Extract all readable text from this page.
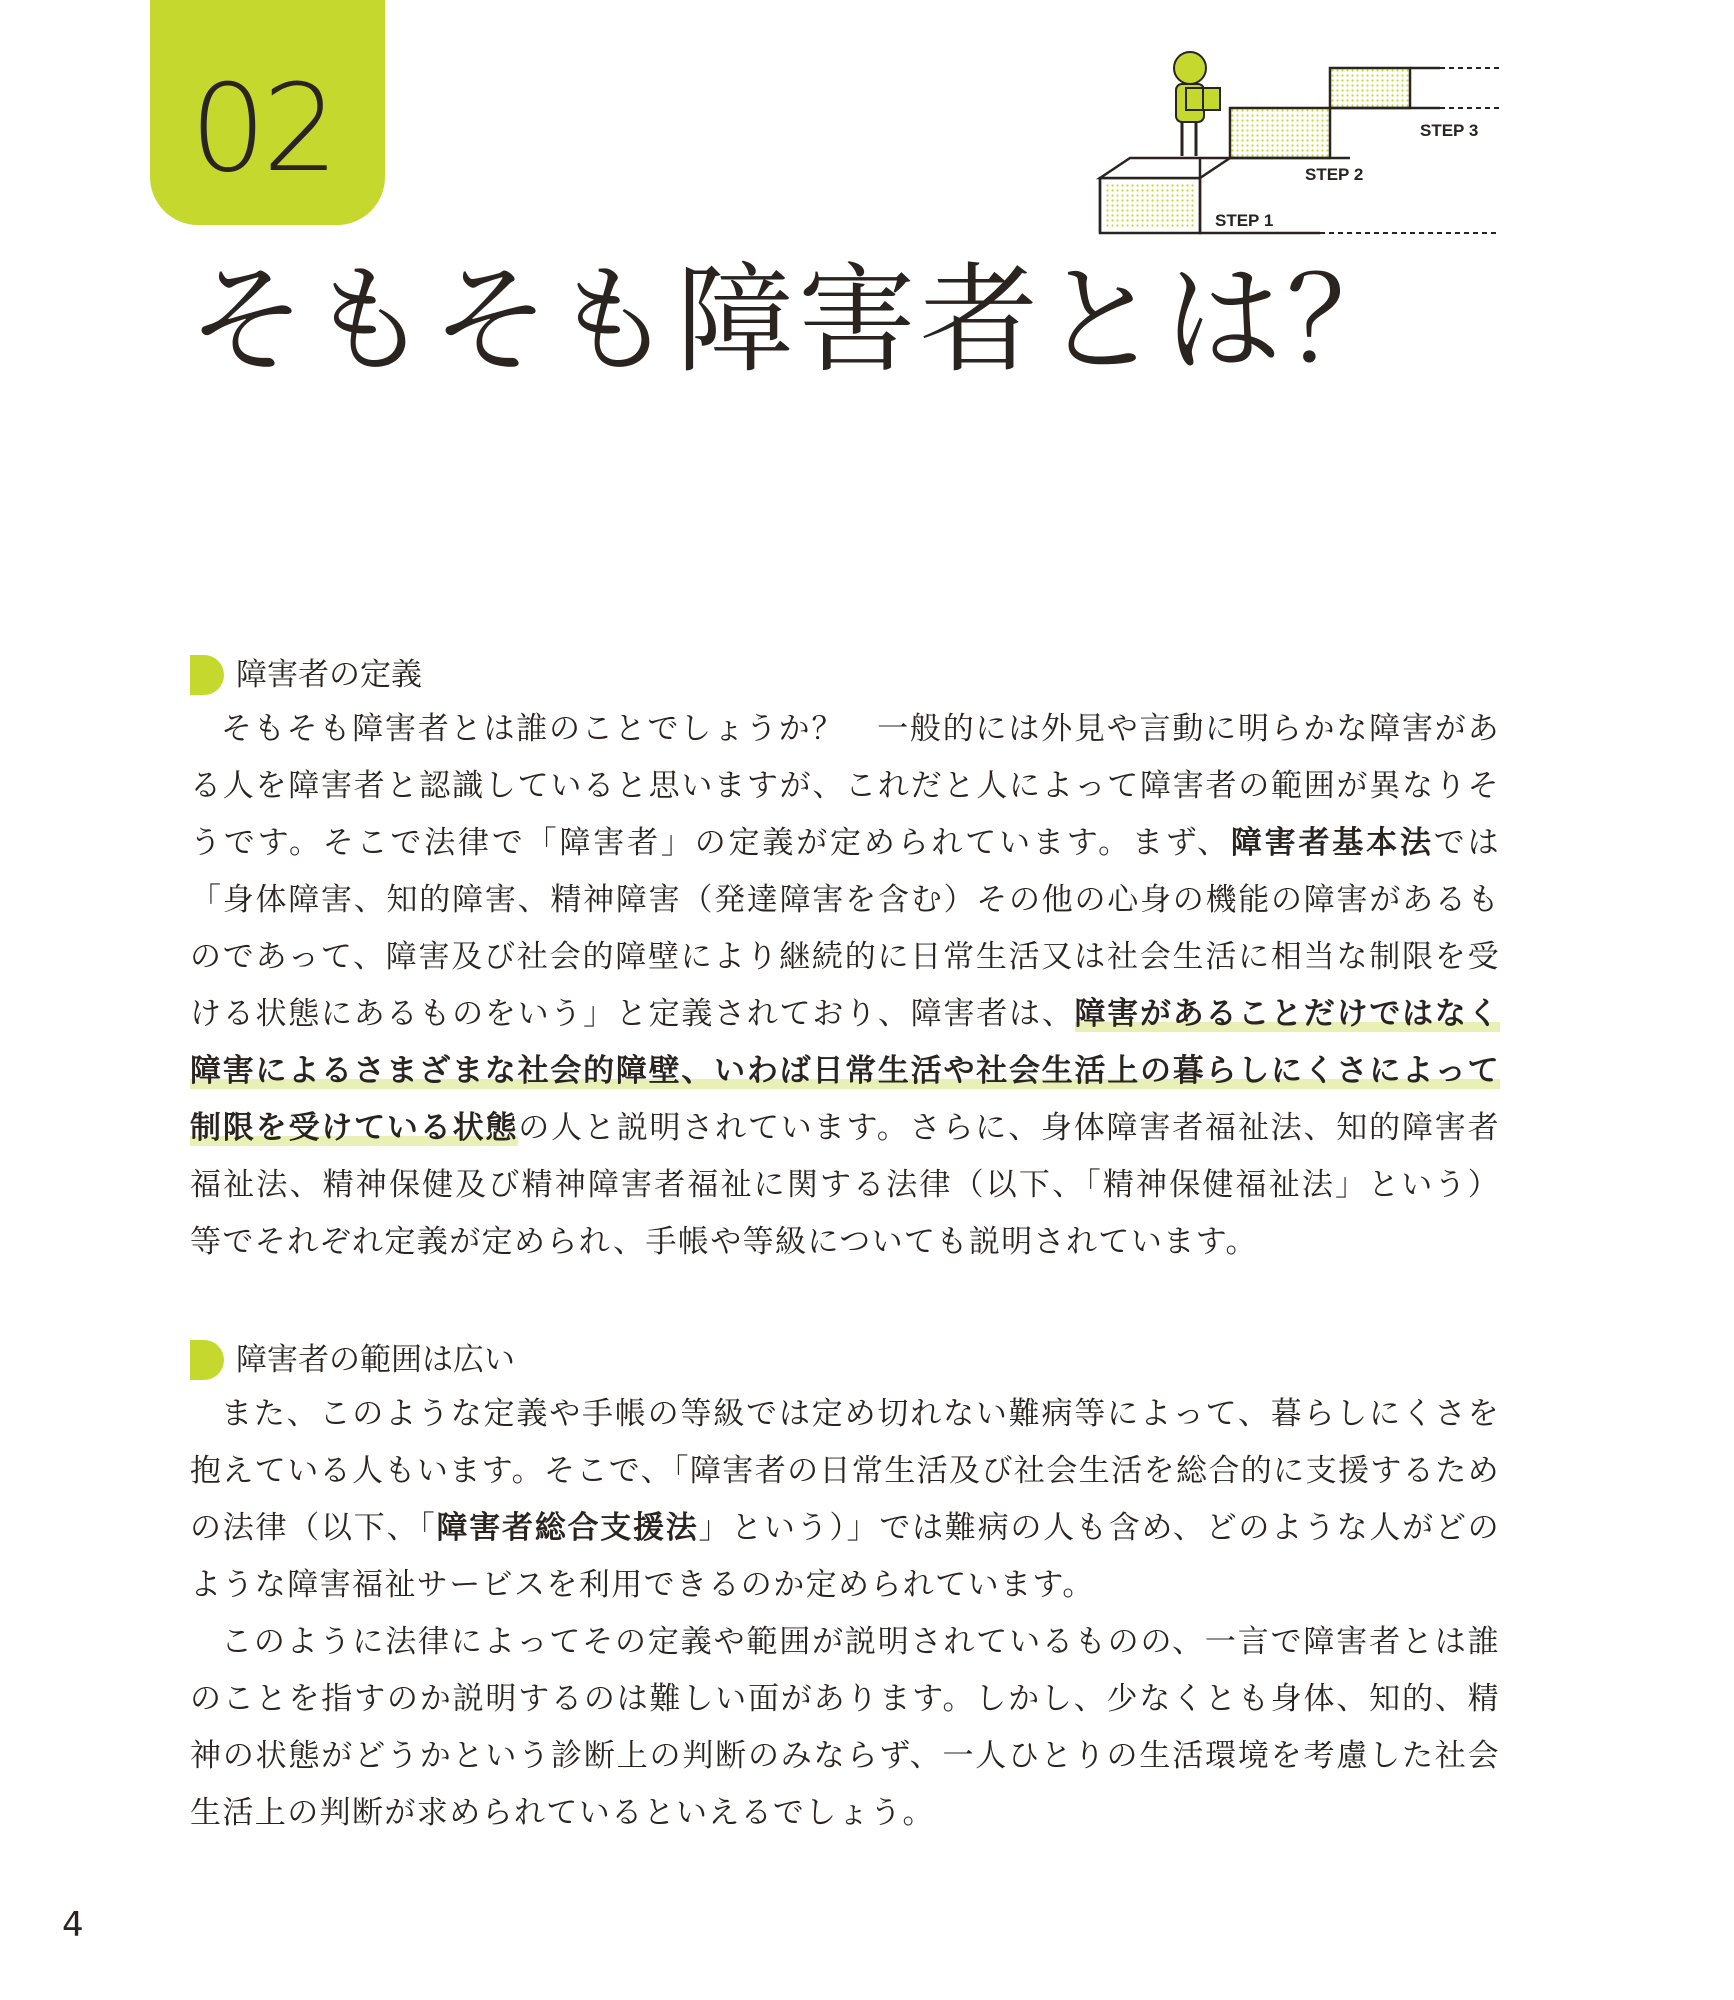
02
STEP 1
STEP 2
STEP 3
そもそも障害者とは？
障害者の定義

そもそも障害者とは誰のことでしょうか？　一般的には外見や言動に明らかな障害がある人を障害者と認識していると思いますが、これだと人によって障害者の範囲が異なりそうです。そこで法律で「障害者」の定義が定められています。まず、障害者基本法では「身体障害、知的障害、精神障害（発達障害を含む）その他の心身の機能の障害があるものであって、障害及び社会的障壁により継続的に日常生活又は社会生活に相当な制限を受ける状態にあるものをいう」と定義されており、障害者は、障害があることだけではなく障害によるさまざまな社会的障壁、いわば日常生活や社会生活上の暮らしにくさによって制限を受けている状態の人と説明されています。さらに、身体障害者福祉法、知的障害者福祉法、精神保健及び精神障害者福祉に関する法律（以下、「精神保健福祉法」という）等でそれぞれ定義が定められ、手帳や等級についても説明されています。

障害者の範囲は広い

また、このような定義や手帳の等級では定め切れない難病等によって、暮らしにくさを抱えている人もいます。そこで、「障害者の日常生活及び社会生活を総合的に支援するための法律（以下、「障害者総合支援法」という）」では難病の人も含め、どのような人がどのような障害福祉サービスを利用できるのか定められています。

このように法律によってその定義や範囲が説明されているものの、一言で障害者とは誰のことを指すのか説明するのは難しい面があります。しかし、少なくとも身体、知的、精神の状態がどうかという診断上の判断のみならず、一人ひとりの生活環境を考慮した社会生活上の判断が求められているといえるでしょう。

4
